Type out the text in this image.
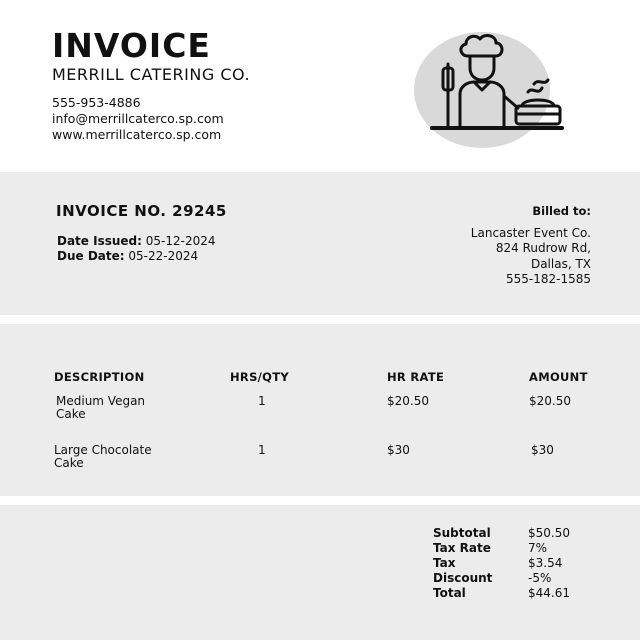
INVOICE
MERRILL CATERING CO.
555-953-4886
info@merrillcaterco.sp.com
www.merrillcaterco.sp.com
INVOICE NO. 29245
Date Issued: 05-12-2024
Due Date: 05-22-2024
Billed to:
Lancaster Event Co.
824 Rudrow Rd,
Dallas, TX
555-182-1585
DESCRIPTION	HRS/QTY	HR RATE	AMOUNT
Medium Vegan
Cake
1	$20.50	$20.50
Large Chocolate
Cake
1	$30	$30
Subtotal	$50.50
Tax Rate	7%
Tax	$3.54
Discount	-5%
Total	$44.61
